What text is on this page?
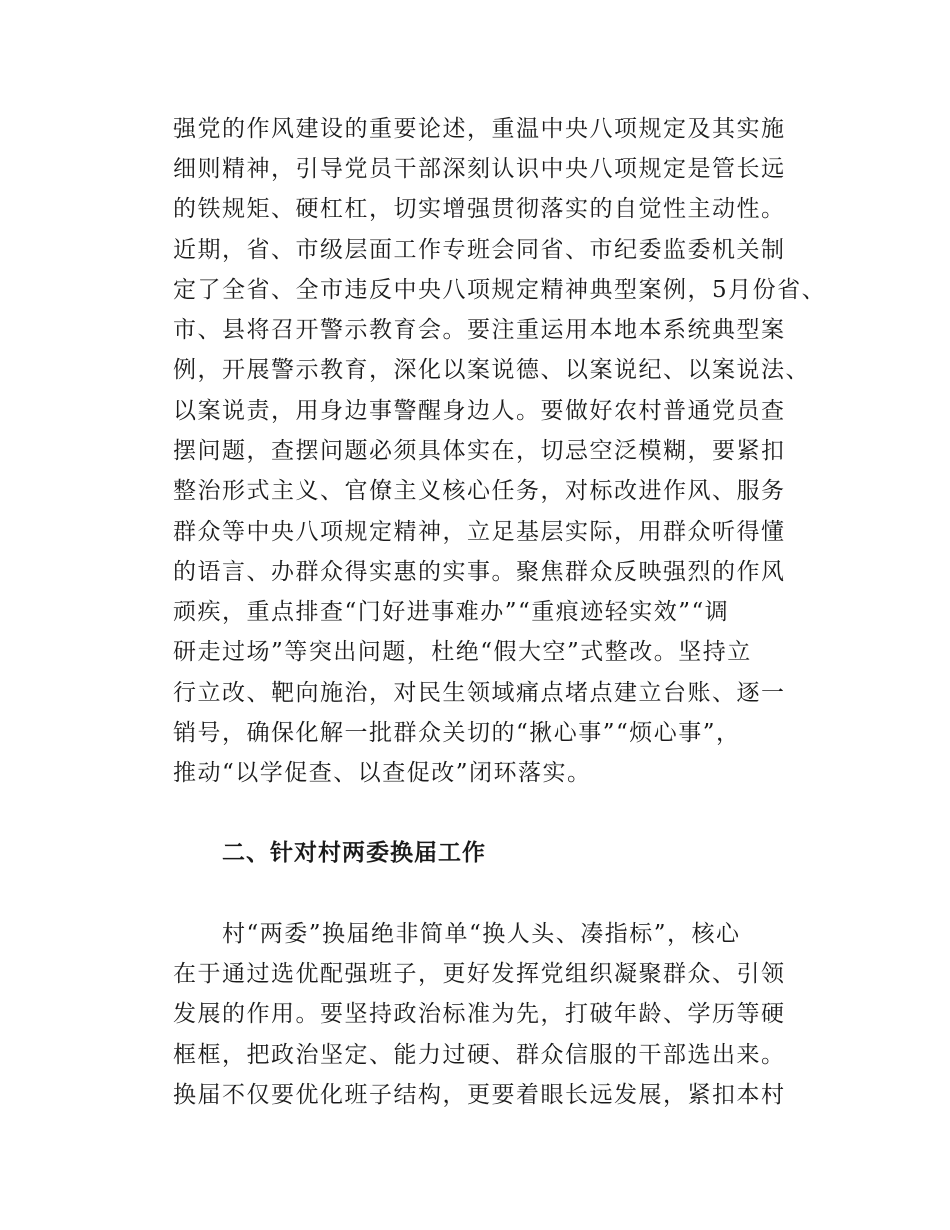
强党的作风建设的重要论述，重温中央八项规定及其实施
细则精神，引导党员干部深刻认识中央八项规定是管长远
的铁规矩、硬杠杠，切实增强贯彻落实的自觉性主动性。
近期，省、市级层面工作专班会同省、市纪委监委机关制
定了全省、全市违反中央八项规定精神典型案例，5月份省、
市、县将召开警示教育会。要注重运用本地本系统典型案
例，开展警示教育，深化以案说德、以案说纪、以案说法、
以案说责，用身边事警醒身边人。要做好农村普通党员查
摆问题，查摆问题必须具体实在，切忌空泛模糊，要紧扣
整治形式主义、官僚主义核心任务，对标改进作风、服务
群众等中央八项规定精神，立足基层实际，用群众听得懂
的语言、办群众得实惠的实事。聚焦群众反映强烈的作风
顽疾，重点排查“门好进事难办”“重痕迹轻实效”“调
研走过场”等突出问题，杜绝“假大空”式整改。坚持立
行立改、靶向施治，对民生领域痛点堵点建立台账、逐一
销号，确保化解一批群众关切的“揪心事”“烦心事”，
推动“以学促查、以查促改”闭环落实。
二、针对村两委换届工作
村“两委”换届绝非简单“换人头、凑指标”，核心
在于通过选优配强班子，更好发挥党组织凝聚群众、引领
发展的作用。要坚持政治标准为先，打破年龄、学历等硬
框框，把政治坚定、能力过硬、群众信服的干部选出来。
换届不仅要优化班子结构，更要着眼长远发展，紧扣本村
